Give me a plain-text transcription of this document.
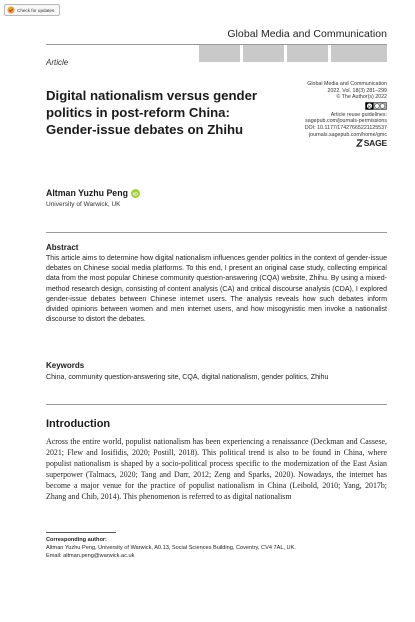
Check for updates
Global Media and Communication
Article
Digital nationalism versus gender politics in post-reform China: Gender-issue debates on Zhihu
Global Media and Communication
2022, Vol. 18(3) 281–299
© The Author(s) 2022
cc
Article reuse guidelines:
sagepub.com/journals-permissions
DOI: 10.1177/17427665221125537
journals.sagepub.com/home/gmc
SAGE
Altman Yuzhu Peng iD
University of Warwick, UK
Abstract

This article aims to determine how digital nationalism influences gender politics in the context of gender-issue debates on Chinese social media platforms. To this end, I present an original case study, collecting empirical data from the most popular Chinese community question-answering (CQA) website, Zhihu. By using a mixed-method research design, consisting of content analysis (CA) and critical discourse analysis (CDA), I explored gender-issue debates between Chinese internet users. The analysis reveals how such debates inform divided opinions between women and men internet users, and how misogynistic men invoke a nationalist discourse to distort the debates.

Keywords

China, community question-answering site, CQA, digital nationalism, gender politics, Zhihu

Introduction

Across the entire world, populist nationalism has been experiencing a renaissance (Deckman and Cassese, 2021; Flew and Iosifidis, 2020; Postill, 2018). This political trend is also to be found in China, where populist nationalism is shaped by a socio-political process specific to the modernization of the East Asian superpower (Talmacs, 2020; Tang and Darr, 2012; Zeng and Sparks, 2020). Nowadays, the internet has become a major venue for the practice of populist nationalism in China (Leibold, 2010; Yang, 2017b; Zhang and Chib, 2014). This phenomenon is referred to as digital nationalism

Corresponding author:
Altman Yuzhu Peng, University of Warwick, A0.13, Social Sciences Building, Coventry, CV4 7AL, UK.
Email: altman.peng@warwick.ac.uk
